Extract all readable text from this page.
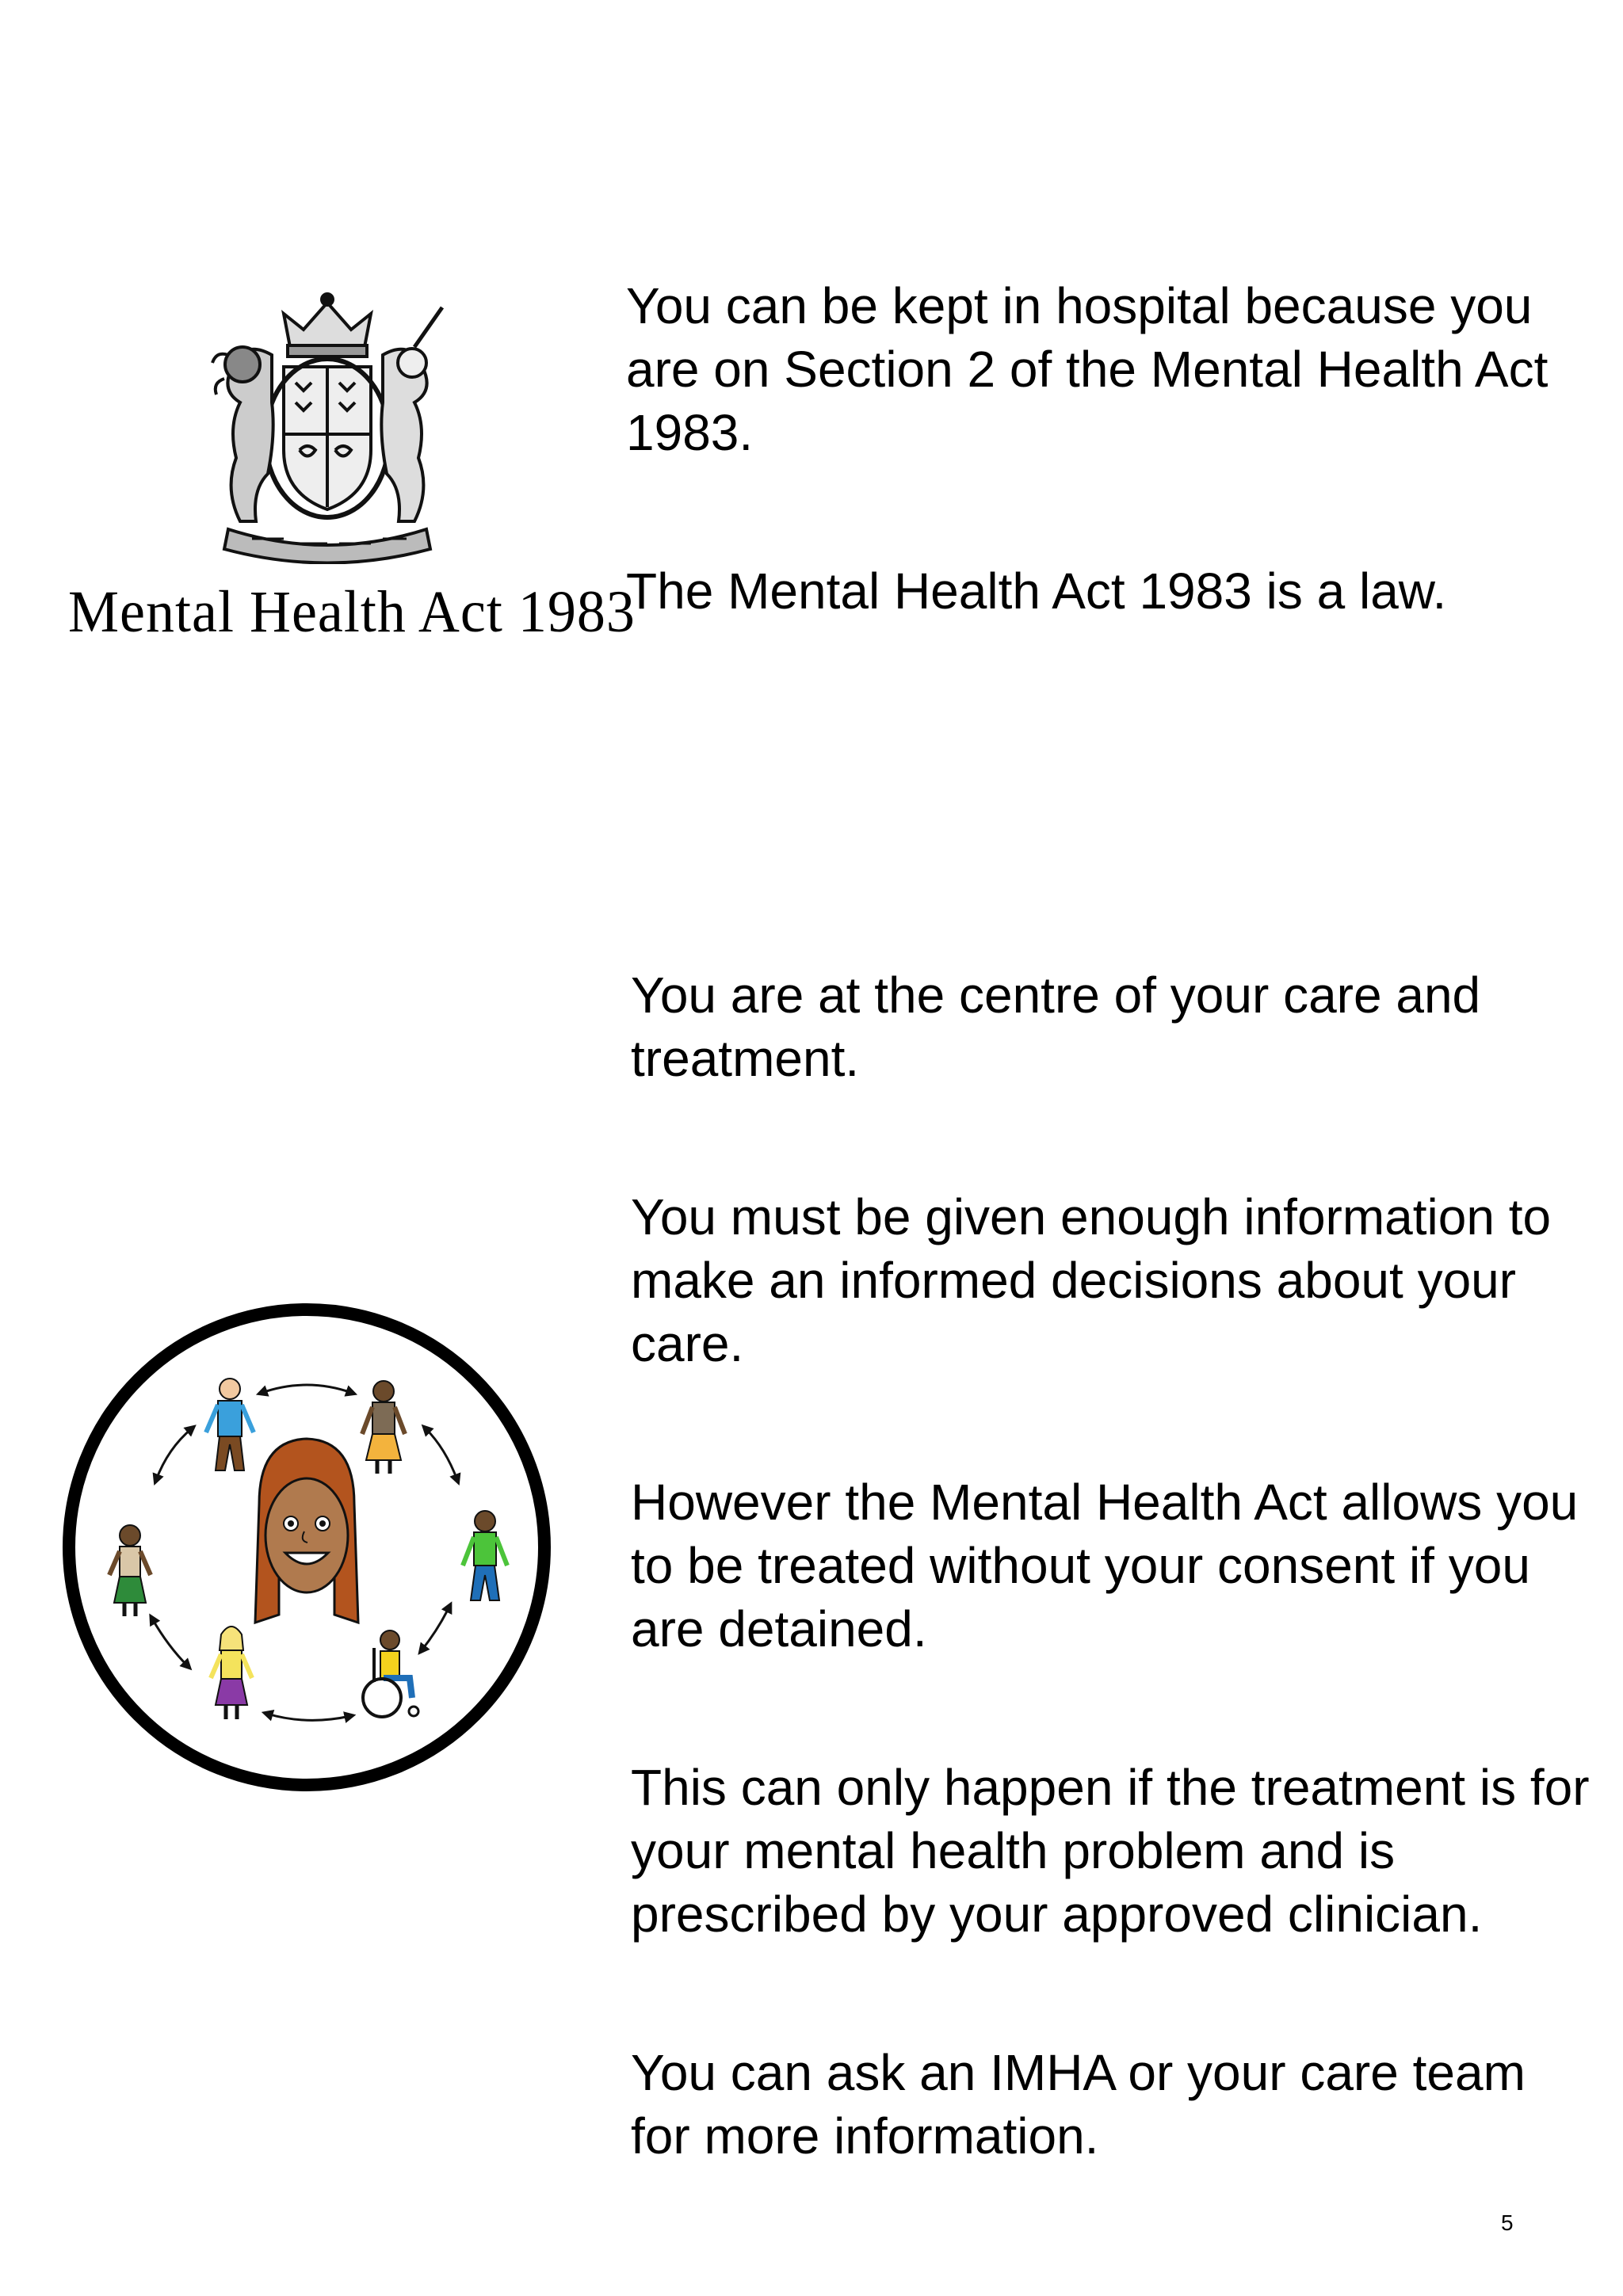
Mental Health Act 1983

You can be kept in hospital because you are on Section 2 of the Mental Health Act 1983.

The Mental Health Act 1983 is a law.

You are at the centre of your care and treatment.

You must be given enough information to make an informed decisions about your care.

However the Mental Health Act allows you to be treated without your consent if you are detained.

This can only happen if the treatment is for your mental health problem and is prescribed by your approved clinician.

You can ask an IMHA or your care team for more information.

5
